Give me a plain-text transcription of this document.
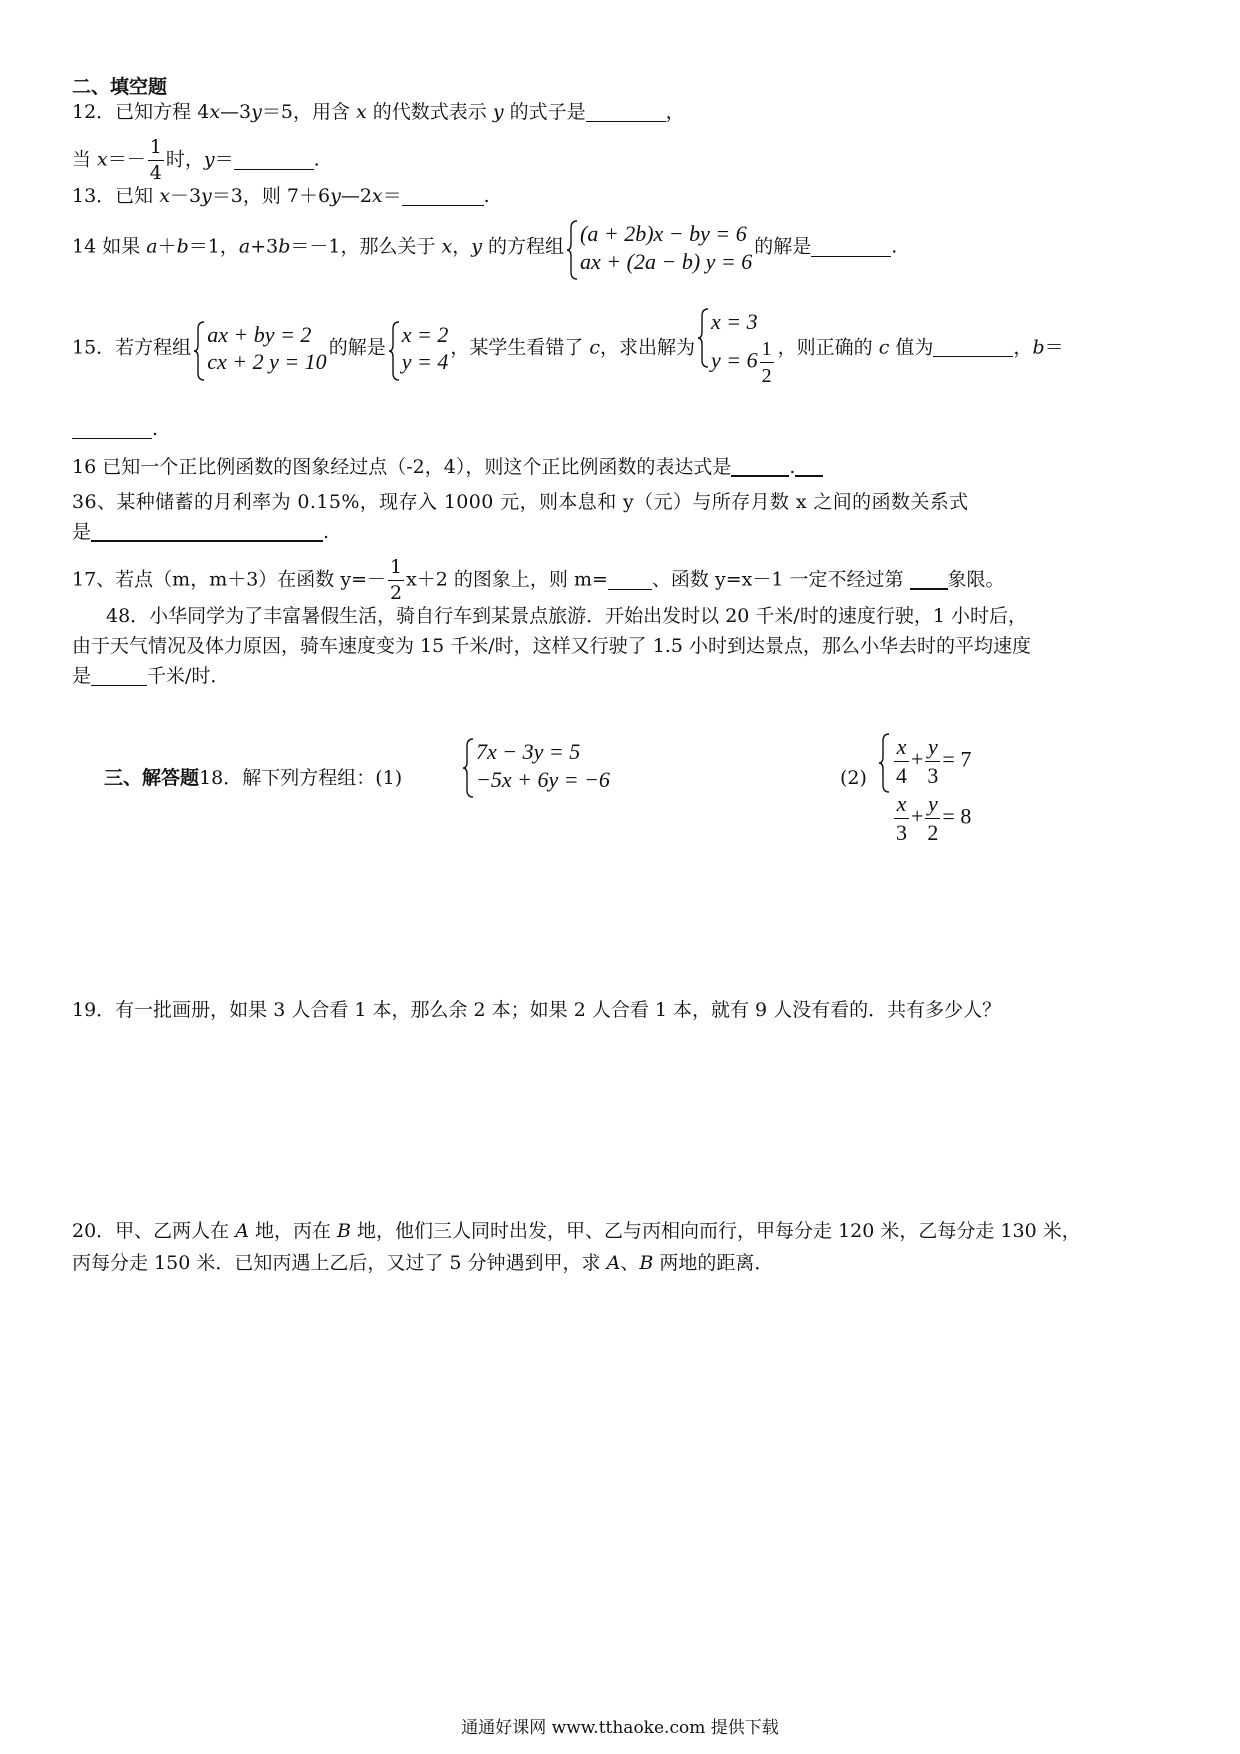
二、填空题
12．已知方程 4x—3y＝5，用含 x 的代数式表示 y 的式子是	，
当 $x=- \frac{1}{4}$ 时，y＝	.
13．已知 x－3y＝3，则 7＋6y—2x＝	.
14 如果 a＋b＝1，a+3b＝－1，那么关于 x，y 的方程组
(a + 2b)x − by = 6
ax + (2a − b) y = 6
的解是	.
15．若方程组
ax + by = 2
cx + 2 y = 10
的解是
x = 2
y = 4
，某学生看错了 c，求出解为
x = 3
$y = 6 \frac{1}{2}$ ，则正确的 c 值为	，b＝
.
16 已知一个正比例函数的图象经过点（-2，4），则这个正比例函数的表达式是	.
36、某种储蓄的月利率为 0.15%，现存入 1000 元，则本息和 y（元）与所存月数 x 之间的函数关系式
是	.
17、若点（m，m＋3）在函数 $y=- \frac{1}{2} x+2$ 的图象上，则 m= 、函数 y=x－1 一定不经过第 象限。
48．小华同学为了丰富暑假生活，骑自行车到某景点旅游．开始出发时以 20 千米/时的速度行驶，1 小时后，
由于天气情况及体力原因，骑车速度变为 15 千米/时，这样又行驶了 1.5 小时到达景点，那么小华去时的平均速度
是	千米/时．
三、解答题18．解下列方程组：(1)
7x − 3y = 5
−5x + 6y = −6	$(2) \frac{x}{4} + \frac{y}{3} = 7$
$\frac{x}{3} + \frac{y}{2} = 8$
19．有一批画册，如果 3 人合看 1 本，那么余 2 本；如果 2 人合看 1 本，就有 9 人没有看的．共有多少人？
20．甲、乙两人在 A 地，丙在 B 地，他们三人同时出发，甲、乙与丙相向而行，甲每分走 120 米，乙每分走 130 米，
丙每分走 150 米．已知丙遇上乙后，又过了 5 分钟遇到甲，求 A、B 两地的距离．
通通好课网 www.tthaoke.com 提供下载
